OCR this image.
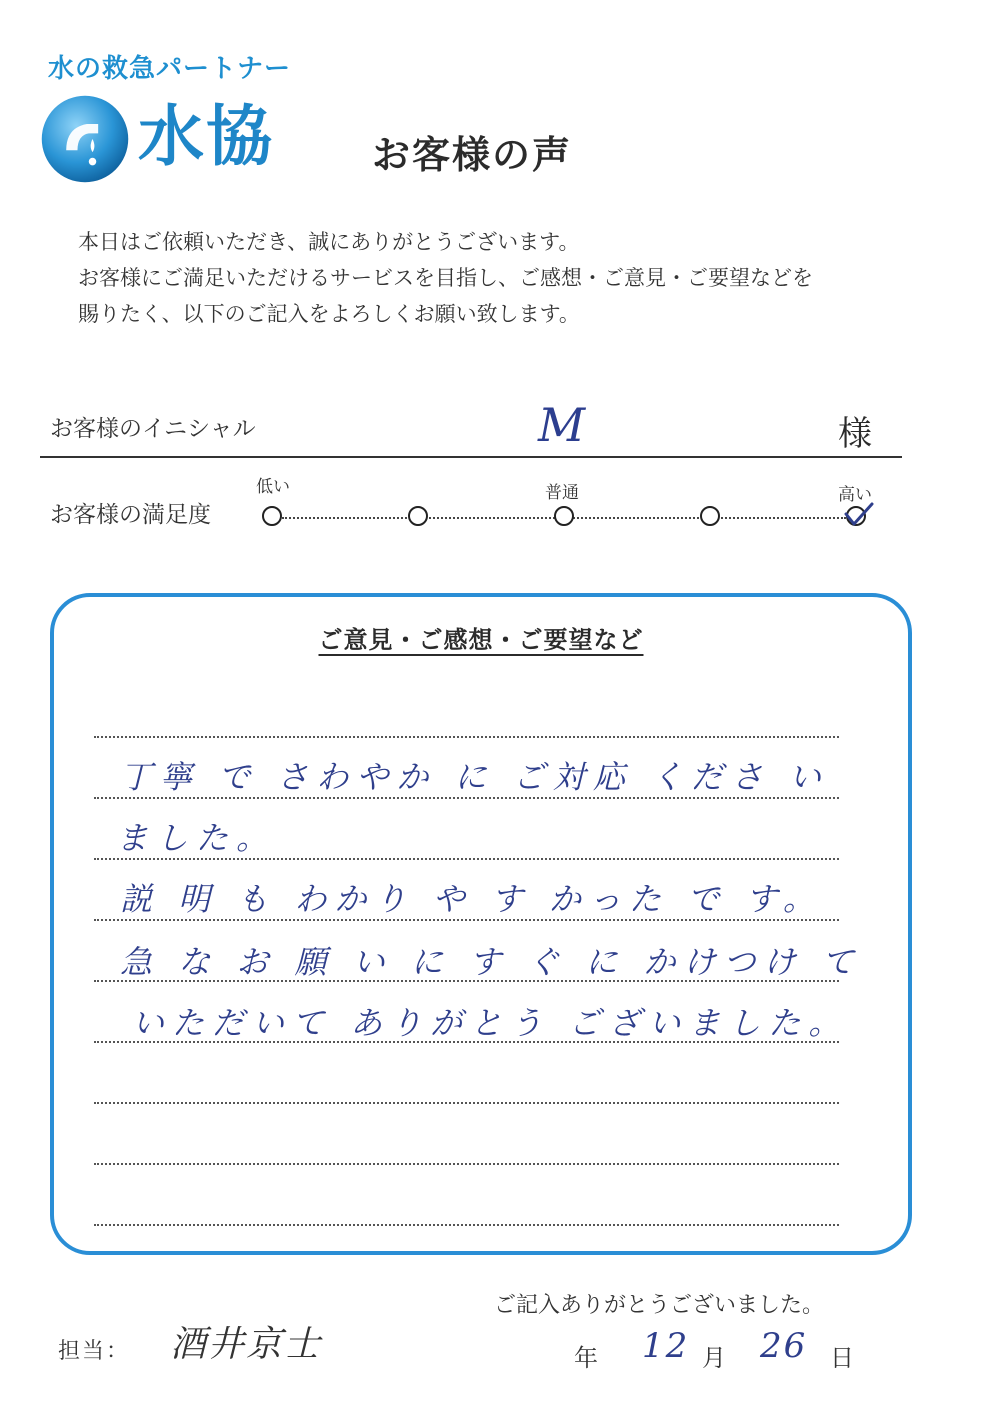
水の救急パートナー
水協	お客様の声
本日はご依頼いただき、誠にありがとうございます。
お客様にご満足いただけるサービスを目指し、ご感想・ご意見・ご要望などを
賜りたく、以下のご記入をよろしくお願い致します。
お客様のイニシャル	M	様
お客様の満足度
低い	普通	高い
ご意見・ご感想・ご要望など
丁寧 で さわやか に ご対応 くださ い
ました。
説 明 も わかり や す かった で す。
急 な お 願 い に す ぐ に かけつけ て
いただいて ありがとう ございました。
ご記入ありがとうございました。
担当： 酒井京士	年 12 月 26 日
